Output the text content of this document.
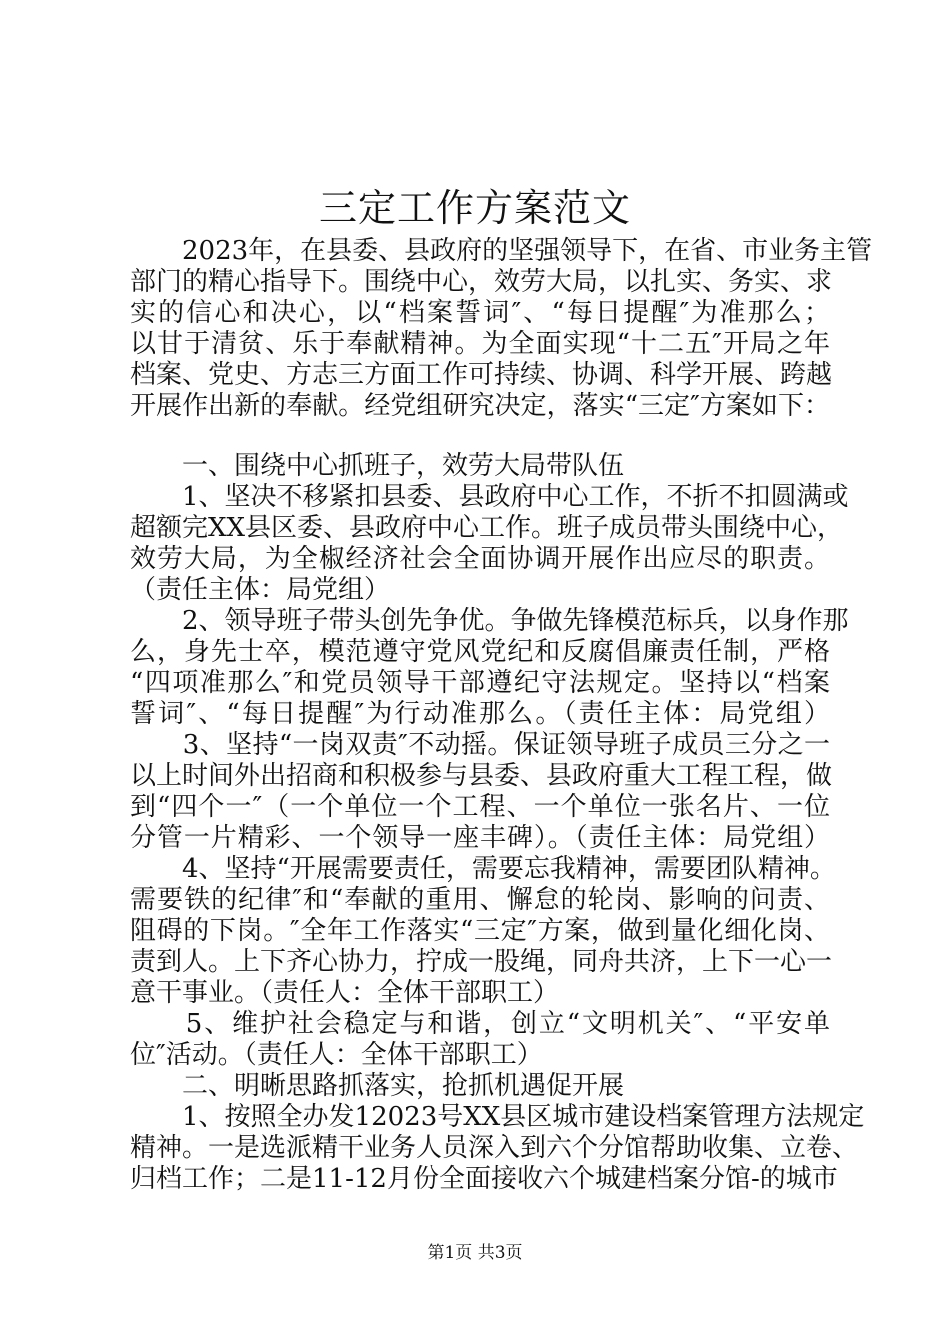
三定工作方案范文
　　2023年，在县委、县政府的坚强领导下，在省、市业务主管
部门的精心指导下。围绕中心，效劳大局，以扎实、务实、求
实的信心和决心，以“档案誓词″、“每日提醒″为准那么；
以甘于清贫、乐于奉献精神。为全面实现“十二五″开局之年
档案、党史、方志三方面工作可持续、协调、科学开展、跨越
开展作出新的奉献。经党组研究决定，落实“三定″方案如下：
　　一、围绕中心抓班子，效劳大局带队伍
　　1、坚决不移紧扣县委、县政府中心工作，不折不扣圆满或
超额完XX县区委、县政府中心工作。班子成员带头围绕中心，
效劳大局，为全椒经济社会全面协调开展作出应尽的职责。
（责任主体：局党组）
　　2、领导班子带头创先争优。争做先锋模范标兵，以身作那
么，身先士卒，模范遵守党风党纪和反腐倡廉责任制，严格
“四项准那么″和党员领导干部遵纪守法规定。坚持以“档案
誓词″、“每日提醒″为行动准那么。（责任主体：局党组）
　　3、坚持“一岗双责″不动摇。保证领导班子成员三分之一
以上时间外出招商和积极参与县委、县政府重大工程工程，做
到“四个一″（一个单位一个工程、一个单位一张名片、一位
分管一片精彩、一个领导一座丰碑）。（责任主体：局党组）
　　4、坚持“开展需要责任，需要忘我精神，需要团队精神。
需要铁的纪律″和“奉献的重用、懈怠的轮岗、影响的问责、
阻碍的下岗。″全年工作落实“三定″方案，做到量化细化岗、
责到人。上下齐心协力，拧成一股绳，同舟共济，上下一心一
意干事业。（责任人：全体干部职工）
　　5、维护社会稳定与和谐，创立“文明机关″、“平安单
位″活动。（责任人：全体干部职工）
　　二、明晰思路抓落实，抢抓机遇促开展
　　1、按照全办发12023号XX县区城市建设档案管理方法规定
精神。一是选派精干业务人员深入到六个分馆帮助收集、立卷、
归档工作；二是11-12月份全面接收六个城建档案分馆-的城市
第1页 共3页
